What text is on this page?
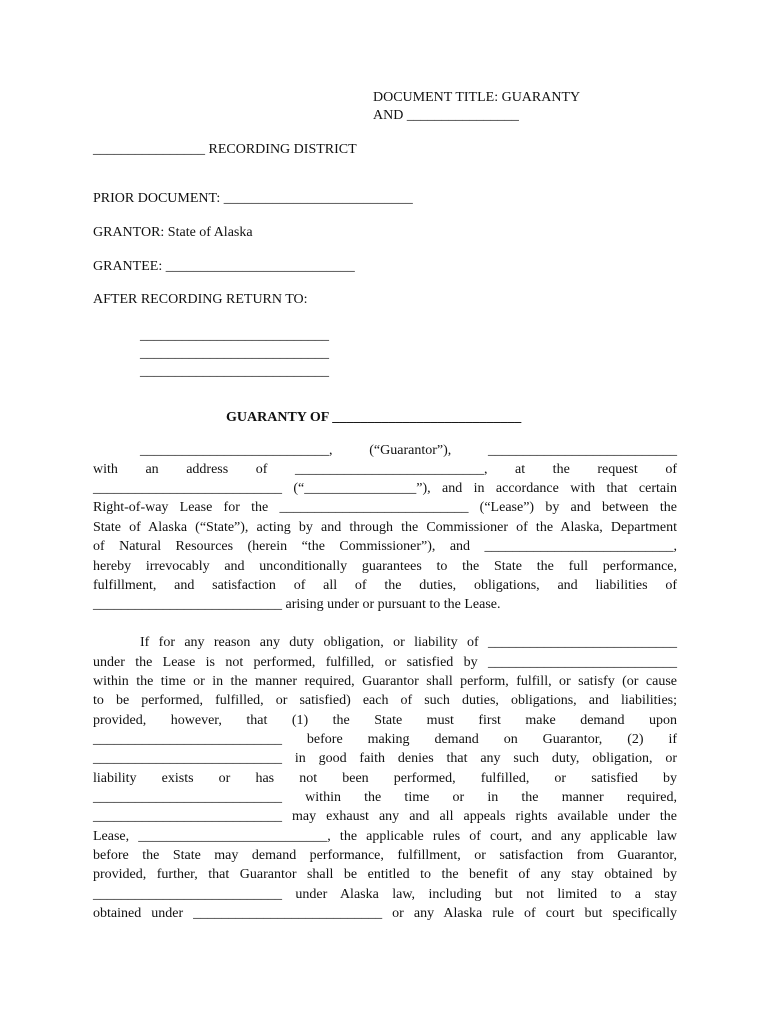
DOCUMENT TITLE: GUARANTY
AND ________________
________________ RECORDING DISTRICT
PRIOR DOCUMENT: ___________________________
GRANTOR: State of Alaska
GRANTEE: ___________________________
AFTER RECORDING RETURN TO:
___________________________
___________________________
___________________________
GUARANTY OF ___________________________
___________________________, (“Guarantor”), ___________________________
with an address of ___________________________, at the request of
___________________________ (“________________”), and in accordance with that certain
Right-of-way Lease for the ___________________________ (“Lease”) by and between the
State of Alaska (“State”), acting by and through the Commissioner of the Alaska, Department
of Natural Resources (herein “the Commissioner”), and ___________________________,
hereby irrevocably and unconditionally guarantees to the State the full performance,
fulfillment, and satisfaction of all of the duties, obligations, and liabilities of
___________________________ arising under or pursuant to the Lease.
If for any reason any duty obligation, or liability of ___________________________
under the Lease is not performed, fulfilled, or satisfied by ___________________________
within the time or in the manner required, Guarantor shall perform, fulfill, or satisfy (or cause
to be performed, fulfilled, or satisfied) each of such duties, obligations, and liabilities;
provided, however, that (1) the State must first make demand upon
___________________________ before making demand on Guarantor, (2) if
___________________________ in good faith denies that any such duty, obligation, or
liability exists or has not been performed, fulfilled, or satisfied by
___________________________ within the time or in the manner required,
___________________________ may exhaust any and all appeals rights available under the
Lease, ___________________________, the applicable rules of court, and any applicable law
before the State may demand performance, fulfillment, or satisfaction from Guarantor,
provided, further, that Guarantor shall be entitled to the benefit of any stay obtained by
___________________________ under Alaska law, including but not limited to a stay
obtained under ___________________________ or any Alaska rule of court but specifically
